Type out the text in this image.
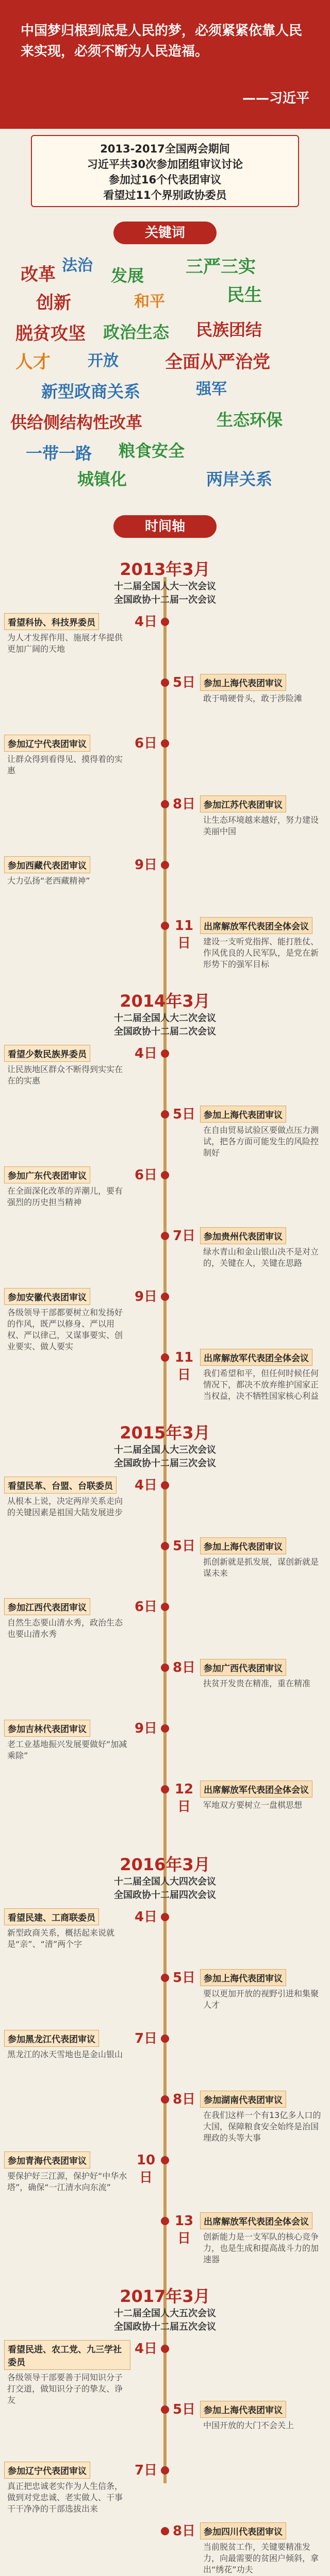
中国梦归根到底是人民的梦，必须紧紧依靠人民来实现，必须不断为人民造福。
——习近平
2013-2017全国两会期间
习近平共30次参加团组审议讨论
参加过16个代表团审议
看望过11个界别政协委员
关键词
改革 法治
发展 三严三实
创新	和平	民生
脱贫攻坚 政治生态 民族团结
人才 开放	全面从严治党
新型政商关系	强军
供给侧结构性改革	生态环保
一带一路 粮食安全
城镇化	两岸关系
时间轴
2013年3月
十二届全国人大一次会议
全国政协十二届一次会议
4日
看望科协、科技界委员
为人才发挥作用、施展才华提供更加广阔的天地
5日 参加上海代表团审议
敢于啃硬骨头，敢于涉险滩
6日
参加辽宁代表团审议
让群众得到看得见、摸得着的实惠
8日 参加江苏代表团审议
让生态环境越来越好，努力建设美丽中国
9日
参加西藏代表团审议
大力弘扬“老西藏精神”
11日
出席解放军代表团全体会议
建设一支听党指挥、能打胜仗、作风优良的人民军队，是党在新形势下的强军目标
2014年3月
十二届全国人大二次会议
全国政协十二届二次会议
4日
看望少数民族界委员
让民族地区群众不断得到实实在在的实惠
5日 参加上海代表团审议
在自由贸易试验区要做点压力测试，把各方面可能发生的风险控制好
6日
参加广东代表团审议
在全面深化改革的弄潮儿，要有强烈的历史担当精神
7日 参加贵州代表团审议
绿水青山和金山银山决不是对立的，关键在人，关键在思路
9日
参加安徽代表团审议
各级领导干部都要树立和发扬好的作风，既严以修身、严以用权、严以律己，又谋事要实、创业要实、做人要实
11日
出席解放军代表团全体会议
我们希望和平，但任何时候任何情况下，都决不放弃维护国家正当权益，决不牺牲国家核心利益
2015年3月
十二届全国人大三次会议
全国政协十二届三次会议
4日
看望民革、台盟、台联委员
从根本上说，决定两岸关系走向的关键因素是祖国大陆发展进步
5日 参加上海代表团审议
抓创新就是抓发展，谋创新就是谋未来
6日
参加江西代表团审议
自然生态要山清水秀，政治生态也要山清水秀
8日 参加广西代表团审议
扶贫开发贵在精准，重在精准
9日
参加吉林代表团审议
老工业基地振兴发展要做好“加减乘除”
12日
出席解放军代表团全体会议
军地双方要树立一盘棋思想
2016年3月
十二届全国人大四次会议
全国政协十二届四次会议
4日
看望民建、工商联委员
新型政商关系，概括起来说就是“亲”、“清”两个字
5日 参加上海代表团审议
要以更加开放的视野引进和集聚人才
7日
参加黑龙江代表团审议
黑龙江的冰天雪地也是金山银山
8日 参加湖南代表团审议
在我们这样一个有13亿多人口的大国，保障粮食安全始终是治国理政的头等大事
10日
参加青海代表团审议
要保护好三江源，保护好“中华水塔”，确保“一江清水向东流”
13日
出席解放军代表团全体会议
创新能力是一支军队的核心竞争力，也是生成和提高战斗力的加速器
2017年3月
十二届全国人大五次会议
全国政协十二届五次会议
4日
看望民进、农工党、九三学社委员
各级领导干部要善于同知识分子打交道，做知识分子的挚友、诤友
5日 参加上海代表团审议
中国开放的大门不会关上
7日
参加辽宁代表团审议
真正把忠诚老实作为人生信条，做到对党忠诚、老实做人、干事干干净净的干部选拔出来
8日 参加四川代表团审议
当前脱贫工作，关键要精准发力，向最需要的贫困户倾斜，拿出“绣花”功夫
